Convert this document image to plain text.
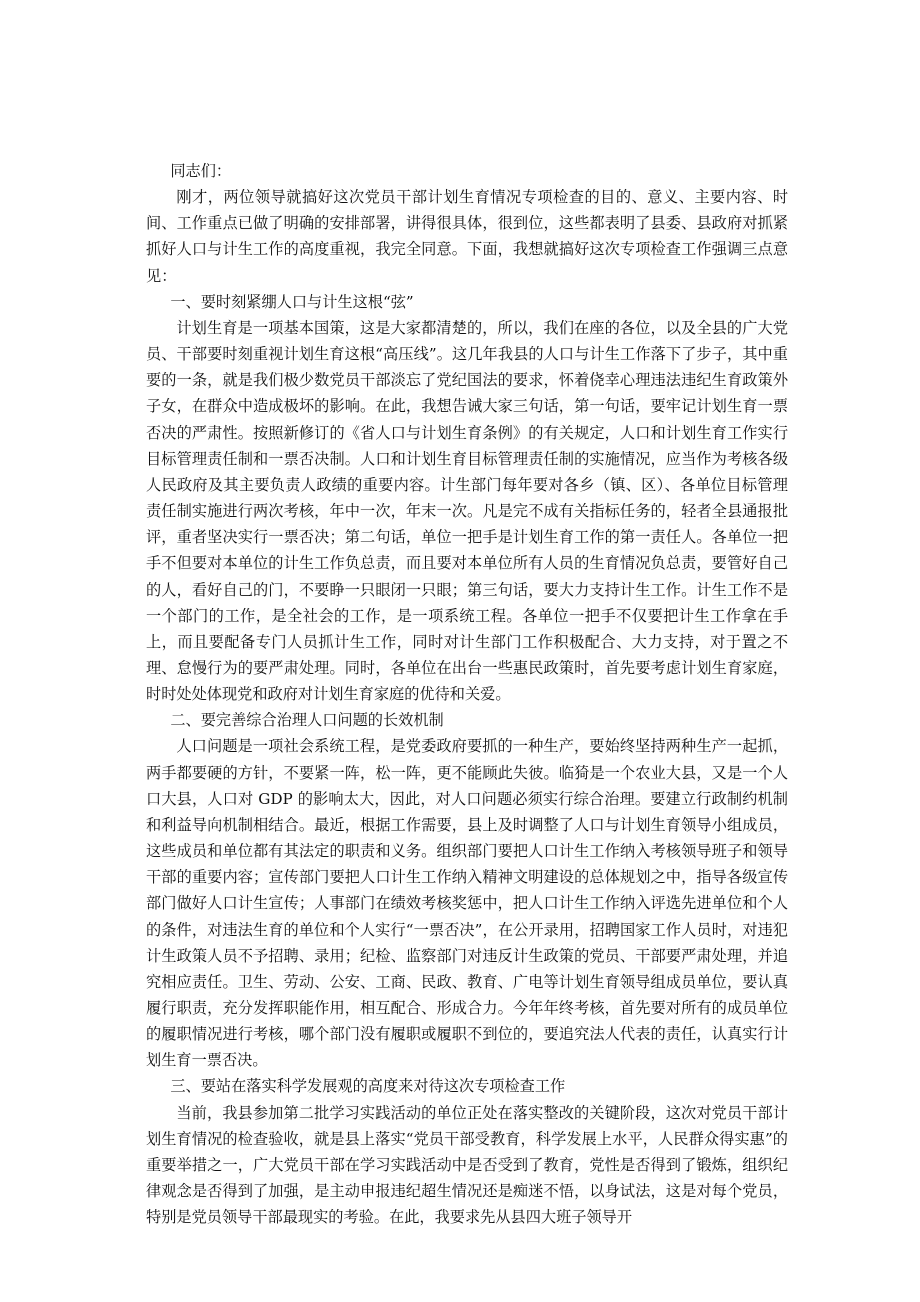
同志们：

刚才，两位领导就搞好这次党员干部计划生育情况专项检查的目的、意义、主要内容、时间、工作重点已做了明确的安排部署，讲得很具体，很到位，这些都表明了县委、县政府对抓紧抓好人口与计生工作的高度重视，我完全同意。下面，我想就搞好这次专项检查工作强调三点意见：

一、要时刻紧绷人口与计生这根“弦”

计划生育是一项基本国策，这是大家都清楚的，所以，我们在座的各位，以及全县的广大党员、干部要时刻重视计划生育这根“高压线”。这几年我县的人口与计生工作落下了步子，其中重要的一条，就是我们极少数党员干部淡忘了党纪国法的要求，怀着侥幸心理违法违纪生育政策外子女，在群众中造成极坏的影响。在此，我想告诫大家三句话，第一句话，要牢记计划生育一票否决的严肃性。按照新修订的《省人口与计划生育条例》的有关规定，人口和计划生育工作实行目标管理责任制和一票否决制。人口和计划生育目标管理责任制的实施情况，应当作为考核各级人民政府及其主要负责人政绩的重要内容。计生部门每年要对各乡（镇、区）、各单位目标管理责任制实施进行两次考核，年中一次，年末一次。凡是完不成有关指标任务的，轻者全县通报批评，重者坚决实行一票否决；第二句话，单位一把手是计划生育工作的第一责任人。各单位一把手不但要对本单位的计生工作负总责，而且要对本单位所有人员的生育情况负总责，要管好自己的人，看好自己的门，不要睁一只眼闭一只眼；第三句话，要大力支持计生工作。计生工作不是一个部门的工作，是全社会的工作，是一项系统工程。各单位一把手不仅要把计生工作拿在手上，而且要配备专门人员抓计生工作，同时对计生部门工作积极配合、大力支持，对于置之不理、怠慢行为的要严肃处理。同时，各单位在出台一些惠民政策时，首先要考虑计划生育家庭，时时处处体现党和政府对计划生育家庭的优待和关爱。

二、要完善综合治理人口问题的长效机制

人口问题是一项社会系统工程，是党委政府要抓的一种生产，要始终坚持两种生产一起抓，两手都要硬的方针，不要紧一阵，松一阵，更不能顾此失彼。临猗是一个农业大县，又是一个人口大县，人口对 GDP 的影响太大，因此，对人口问题必须实行综合治理。要建立行政制约机制和利益导向机制相结合。最近，根据工作需要，县上及时调整了人口与计划生育领导小组成员，这些成员和单位都有其法定的职责和义务。组织部门要把人口计生工作纳入考核领导班子和领导干部的重要内容；宣传部门要把人口计生工作纳入精神文明建设的总体规划之中，指导各级宣传部门做好人口计生宣传；人事部门在绩效考核奖惩中，把人口计生工作纳入评选先进单位和个人的条件，对违法生育的单位和个人实行“一票否决”，在公开录用，招聘国家工作人员时，对违犯计生政策人员不予招聘、录用；纪检、监察部门对违反计生政策的党员、干部要严肃处理，并追究相应责任。卫生、劳动、公安、工商、民政、教育、广电等计划生育领导组成员单位，要认真履行职责，充分发挥职能作用，相互配合、形成合力。今年年终考核，首先要对所有的成员单位的履职情况进行考核，哪个部门没有履职或履职不到位的，要追究法人代表的责任，认真实行计划生育一票否决。

三、要站在落实科学发展观的高度来对待这次专项检查工作

当前，我县参加第二批学习实践活动的单位正处在落实整改的关键阶段，这次对党员干部计划生育情况的检查验收，就是县上落实“党员干部受教育，科学发展上水平，人民群众得实惠”的重要举措之一，广大党员干部在学习实践活动中是否受到了教育，党性是否得到了锻炼，组织纪律观念是否得到了加强，是主动申报违纪超生情况还是痴迷不悟，以身试法，这是对每个党员，特别是党员领导干部最现实的考验。在此，我要求先从县四大班子领导开
